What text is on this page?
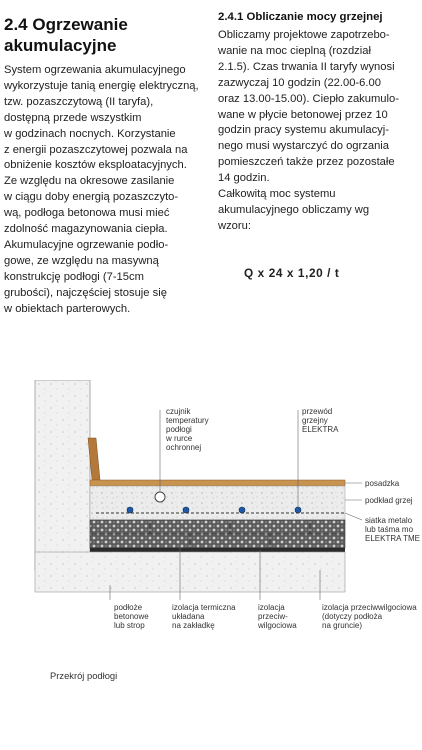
2.4 Ogrzewanie
akumulacyjne
System ogrzewania akumulacyjnego
wykorzystuje tanią energię elektryczną,
tzw. pozaszczytową (II taryfa),
dostępną przede wszystkim
w godzinach nocnych. Korzystanie
z energii pozaszczytowej pozwala na
obniżenie kosztów eksploatacyjnych.
Ze względu na okresowe zasilanie
w ciągu doby energią pozaszczyto-
wą, podłoga betonowa musi mieć
zdolność magazynowania ciepła.
Akumulacyjne ogrzewanie podło-
gowe, ze względu na masywną
konstrukcję podłogi (7-15cm
grubości), najczęściej stosuje się
w obiektach parterowych.
2.4.1 Obliczanie mocy grzejnej
Obliczamy projektowe zapotrzebo-
wanie na moc cieplną (rozdział
2.1.5). Czas trwania II taryfy wynosi
zazwyczaj 10 godzin (22.00-6.00
oraz 13.00-15.00). Ciepło zakumulo-
wane w płycie betonowej przez 10
godzin pracy systemu akumulacyj-
nego musi wystarczyć do ogrzania
pomieszczeń także przez pozostałe
14 godzin.
Całkowitą moc systemu
akumulacyjnego obliczamy wg
wzoru:
Q x 24 x 1,20 / t
czujnik temperatury podłogi w rurce ochronnej
przewód grzejny ELEKTRA
posadzka
podkład grzej
siatka metalo lub taśma mo ELEKTRA TME
podłoże betonowe lub strop
izolacja termiczna układana na zakładkę
izolacja przeciw- wilgociowa
izolacja przeciwwilgociowa (dotyczy podłoża na gruncie)
Przekrój podłogi
